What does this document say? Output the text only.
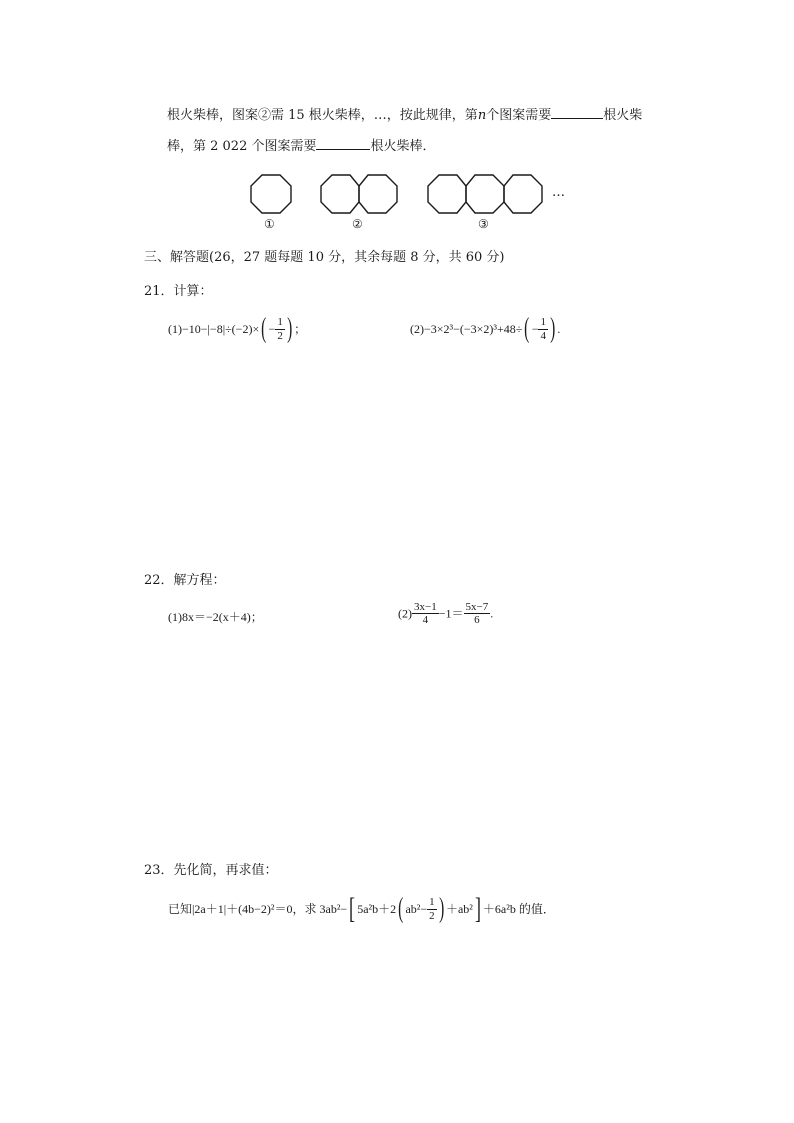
根火柴棒，图案②需 15 根火柴棒，…，按此规律，第n个图案需要	根火柴
棒，第 2 022 个图案需要	根火柴棒．
…
①	②	③
三、解答题(26，27 题每题 10 分，其余每题 8 分，共 60 分)
21．计算：
$(1)-10-|-8|\div(-2)\times( - \frac{1}{2}$ ) ；	$(2)-3\times 2^3-(-3\times 2)^3+48\div( - \frac{1}{4}$ ) .
22．解方程：
(1)8x＝−2(x＋4)；	$(2) \frac{3x-1}{4} -1= \frac{5x-7}{6}$ .
23．先化简，再求值：
已知|2a＋1|＋(4b−2)²＝0，求 3ab²−[ 5a²b＋2( $ab^2- \frac{1}{2}$ ) ＋ab²] ＋6a²b 的值．
